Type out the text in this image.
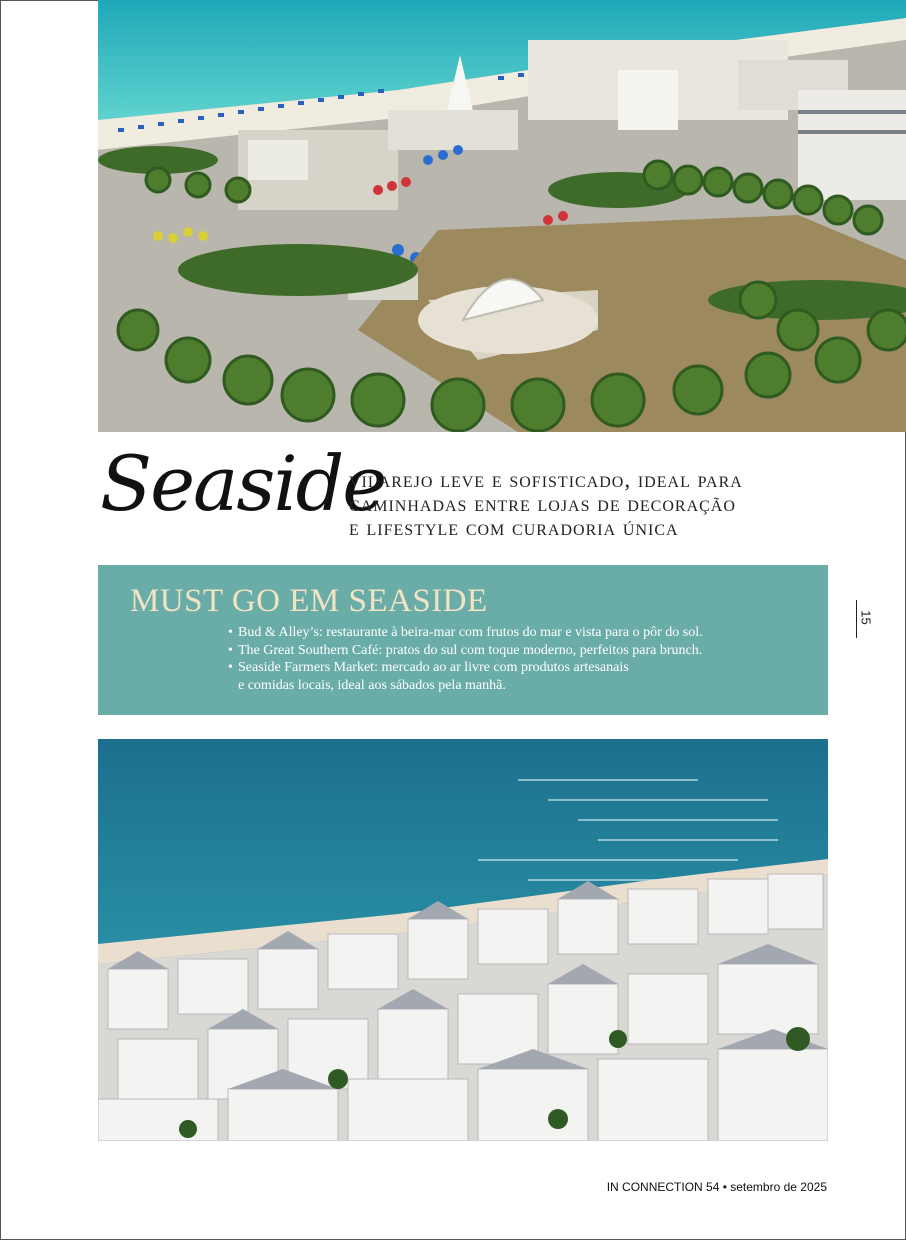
Seaside
vilarejo leve e sofisticado, ideal para
caminhadas entre lojas de decoração
e lifestyle com curadoria única
MUST GO EM SEASIDE
• Bud & Alley’s: restaurante à beira-mar com frutos do mar e vista para o pôr do sol.
• The Great Southern Café: pratos do sul com toque moderno, perfeitos para brunch.
• Seaside Farmers Market: mercado ao ar livre com produtos artesanais
e comidas locais, ideal aos sábados pela manhã.
15
IN CONNECTION 54 • setembro de 2025
